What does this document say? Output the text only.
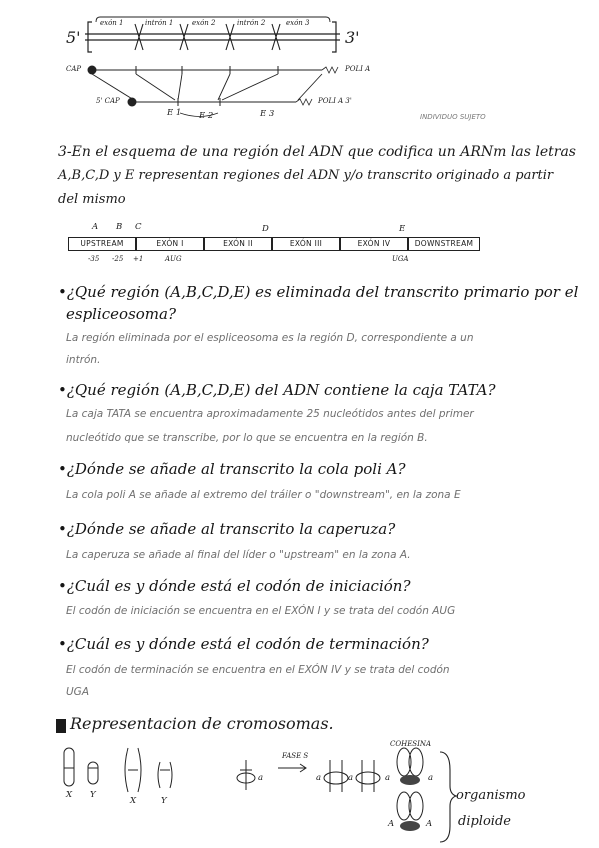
5'	3'
exón 1	intrón 1	exón 2	intrón 2	exón 3
CAP	POLI A
5' CAP	POLI A 3'
E 1 E 2	E 3	INDIVIDUO SUJETO
3-En el esquema de una región del ADN que codifica un ARNm las letras
A,B,C,D y E representan regiones del ADN y/o transcrito originado a partir
del mismo
A B C	D	E
UPSTREAM	EXÓN I	EXÓN II	EXÓN III	EXÓN IV	DOWNSTREAM
-35 -25 +1	AUG	UGA
•¿Qué región (A,B,C,D,E) es eliminada del transcrito primario por el
espliceosoma?
La región eliminada por el espliceosoma es la región D, correspondiente a un
intrón.
•¿Qué región (A,B,C,D,E) del ADN contiene la caja TATA?
La caja TATA se encuentra aproximadamente 25 nucleótidos antes del primer
nucleótido que se transcribe, por lo que se encuentra en la región B.
•¿Dónde se añade al transcrito la cola poli A?
La cola poli A se añade al extremo del tráiler o "downstream", en la zona E
•¿Dónde se añade al transcrito la caperuza?
La caperuza se añade al final del líder o "upstream" en la zona A.
•¿Cuál es y dónde está el codón de iniciación?
El codón de iniciación se encuentra en el EXÓN I y se trata del codón AUG
•¿Cuál es y dónde está el codón de terminación?
El codón de terminación se encuentra en el EXÓN IV y se trata del codón
UGA
Representacion de cromosomas.
X Y
X	Y
FASE S
COHESINA
a	a	a	a	a
A	A
organismo
diploide
